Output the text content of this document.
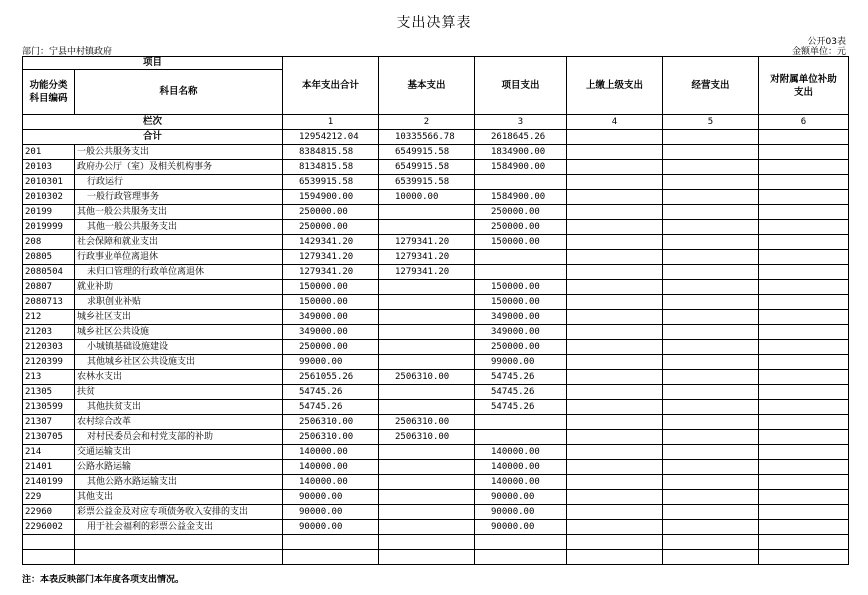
支出决算表
公开03表
部门：宁县中村镇政府	金额单位：元
项目		本年支出合计	基本支出	项目支出	上缴上级支出	经营支出	对附属单位补助
支出
功能分类
科目编码	科目名称						
栏次		1	2	3	4	5	6
合计		12954212.04	10335566.78	2618645.26			
201	一般公共服务支出	8384815.58	6549915.58	1834900.00			
20103	政府办公厅（室）及相关机构事务	8134815.58	6549915.58	1584900.00			
2010301	行政运行	6539915.58	6539915.58				
2010302	一般行政管理事务	1594900.00	10000.00	1584900.00			
20199	其他一般公共服务支出	250000.00		250000.00			
2019999	其他一般公共服务支出	250000.00		250000.00			
208	社会保障和就业支出	1429341.20	1279341.20	150000.00			
20805	行政事业单位离退休	1279341.20	1279341.20				
2080504	未归口管理的行政单位离退休	1279341.20	1279341.20				
20807	就业补助	150000.00		150000.00			
2080713	求职创业补贴	150000.00		150000.00			
212	城乡社区支出	349000.00		349000.00			
21203	城乡社区公共设施	349000.00		349000.00			
2120303	小城镇基础设施建设	250000.00		250000.00			
2120399	其他城乡社区公共设施支出	99000.00		99000.00			
213	农林水支出	2561055.26	2506310.00	54745.26			
21305	扶贫	54745.26		54745.26			
2130599	其他扶贫支出	54745.26		54745.26			
21307	农村综合改革	2506310.00	2506310.00				
2130705	对村民委员会和村党支部的补助	2506310.00	2506310.00				
214	交通运输支出	140000.00		140000.00			
21401	公路水路运输	140000.00		140000.00			
2140199	其他公路水路运输支出	140000.00		140000.00			
229	其他支出	90000.00		90000.00			
22960	彩票公益金及对应专项债务收入安排的支出	90000.00		90000.00			
2296002	用于社会福利的彩票公益金支出	90000.00		90000.00			

注：本表反映部门本年度各项支出情况。
